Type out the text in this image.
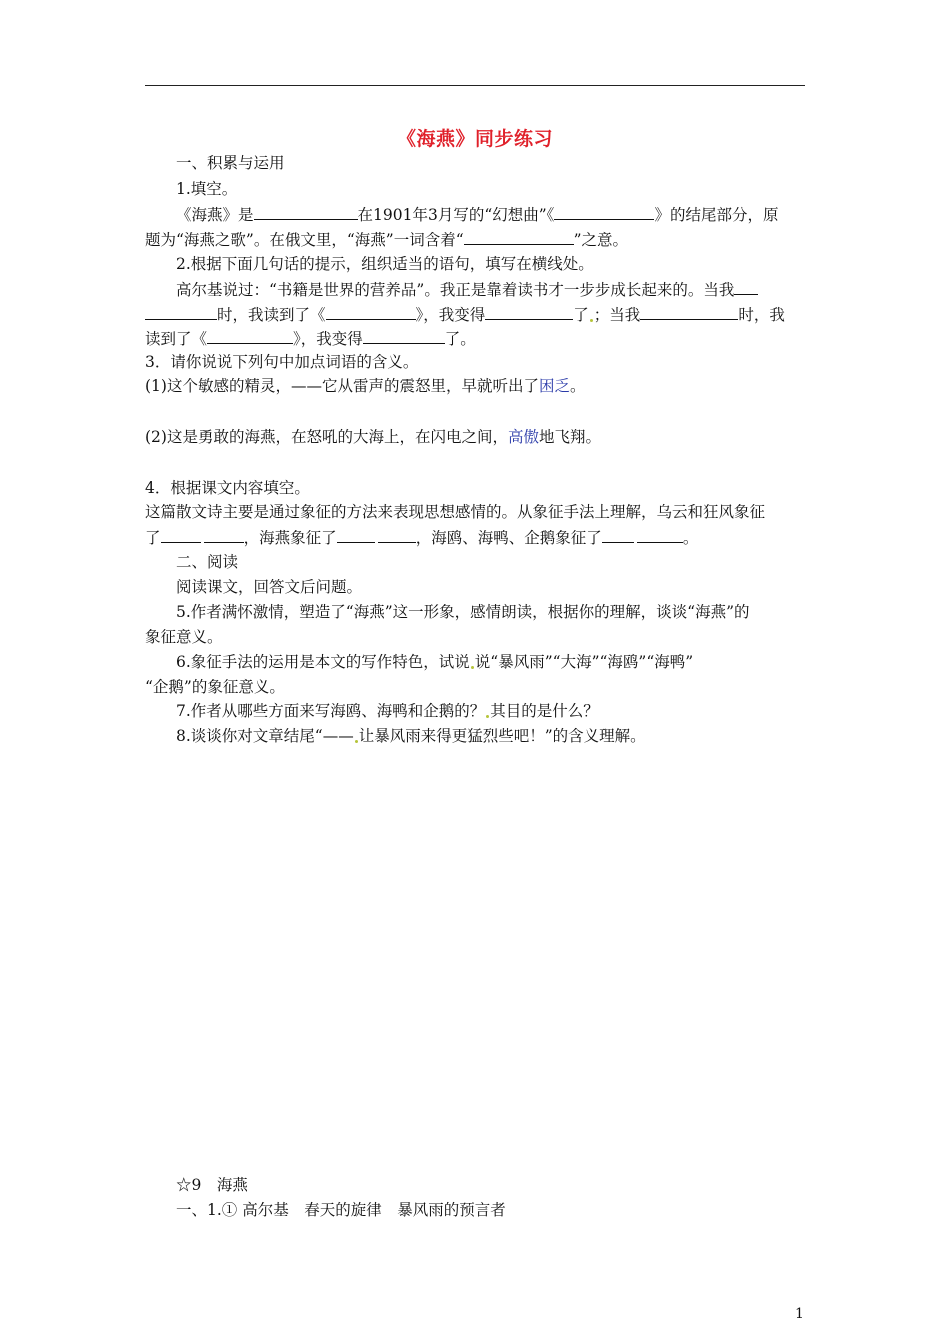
《海燕》同步练习
一、积累与运用
1.填空。
《海燕》是	在1901年3月写的“幻想曲”《	》的结尾部分，原
题为“海燕之歌”。在俄文里，“海燕”一词含着“	”之意。
2.根据下面几句话的提示，组织适当的语句，填写在横线处。
高尔基说过：“书籍是世界的营养品”。我正是靠着读书才一步步成长起来的。当我
时，我读到了《	》，我变得	了 ；当我	时，我
读到了《	》，我变得	了。
3．请你说说下列句中加点词语的含义。
(1)这个敏感的精灵，——它从雷声的震怒里，早就听出了困乏。
(2)这是勇敢的海燕，在怒吼的大海上，在闪电之间，高傲地飞翔。
4．根据课文内容填空。
这篇散文诗主要是通过象征的方法来表现思想感情的。从象征手法上理解，乌云和狂风象征
了 	，海燕象征了 	，海鸥、海鸭、企鹅象征了 	。
二、阅读
阅读课文，回答文后问题。
5.作者满怀激情，塑造了“海燕”这一形象，感情朗读，根据你的理解，谈谈“海燕”的
象征意义。
6.象征手法的运用是本文的写作特色，试说 说“暴风雨”“大海”“海鸥”“海鸭”
“企鹅”的象征意义。
7.作者从哪些方面来写海鸥、海鸭和企鹅的？ 其目的是什么？
8.谈谈你对文章结尾“—— 让暴风雨来得更猛烈些吧！”的含义理解。
☆9　海燕
一、1.① 高尔基　春天的旋律　暴风雨的预言者
1
